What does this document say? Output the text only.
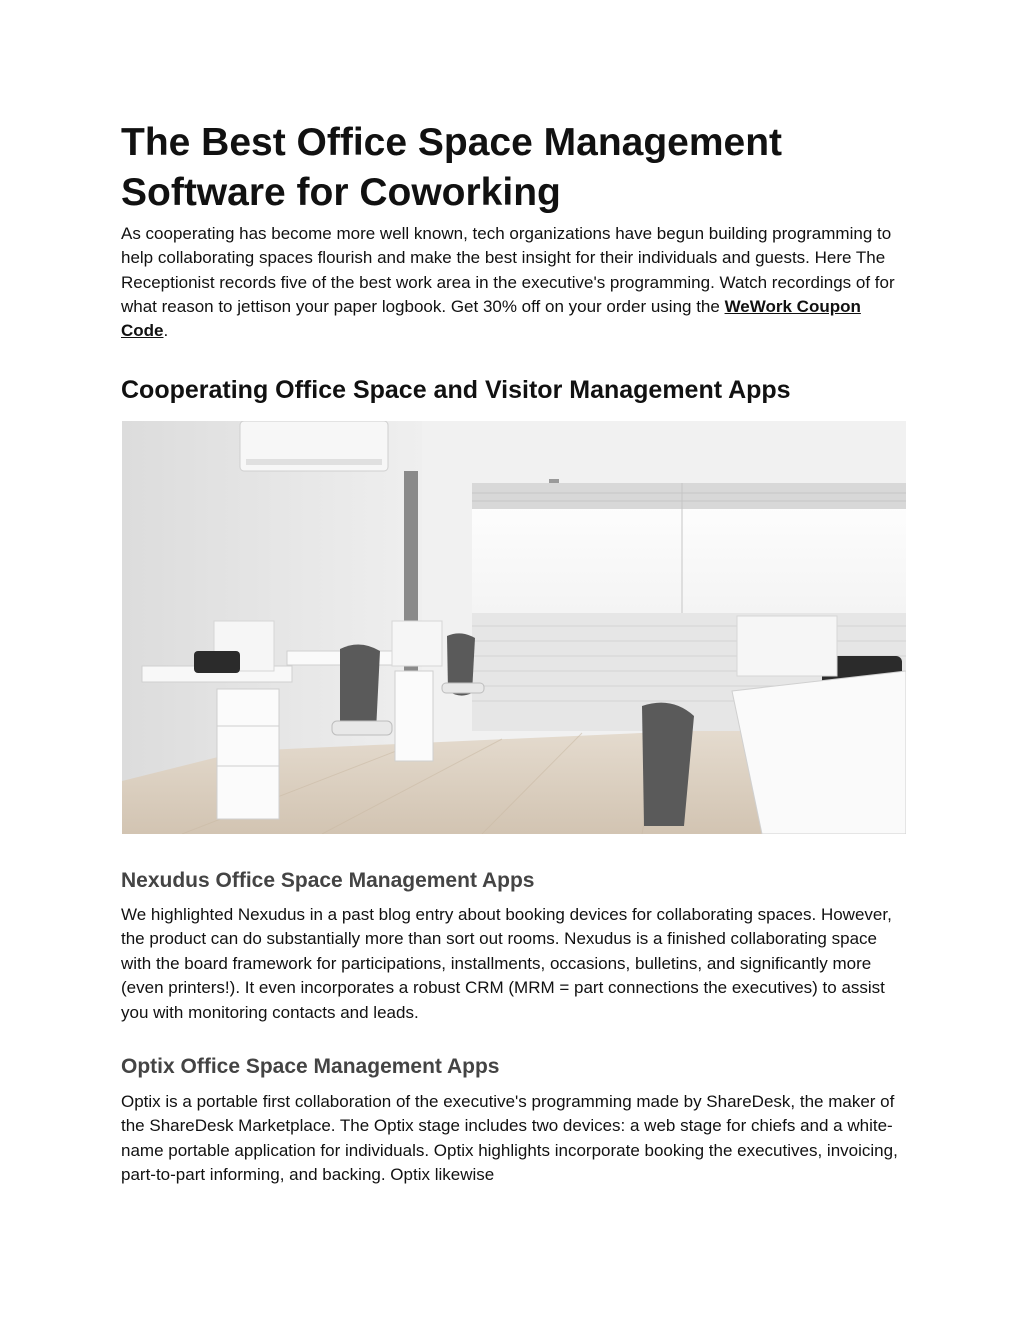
The Best Office Space Management Software for Coworking

As cooperating has become more well known, tech organizations have begun building programming to help collaborating spaces flourish and make the best insight for their individuals and guests. Here The Receptionist records five of the best work area in the executive's programming. Watch recordings of for what reason to jettison your paper logbook. Get 30% off on your order using the WeWork Coupon Code.

Cooperating Office Space and Visitor Management Apps
Nexudus Office Space Management Apps

We highlighted Nexudus in a past blog entry about booking devices for collaborating spaces. However, the product can do substantially more than sort out rooms. Nexudus is a finished collaborating space with the board framework for participations, installments, occasions, bulletins, and significantly more (even printers!). It even incorporates a robust CRM (MRM = part connections the executives) to assist you with monitoring contacts and leads.

Optix Office Space Management Apps

Optix is a portable first collaboration of the executive's programming made by ShareDesk, the maker of the ShareDesk Marketplace. The Optix stage includes two devices: a web stage for chiefs and a white-name portable application for individuals. Optix highlights incorporate booking the executives, invoicing, part-to-part informing, and backing. Optix likewise
